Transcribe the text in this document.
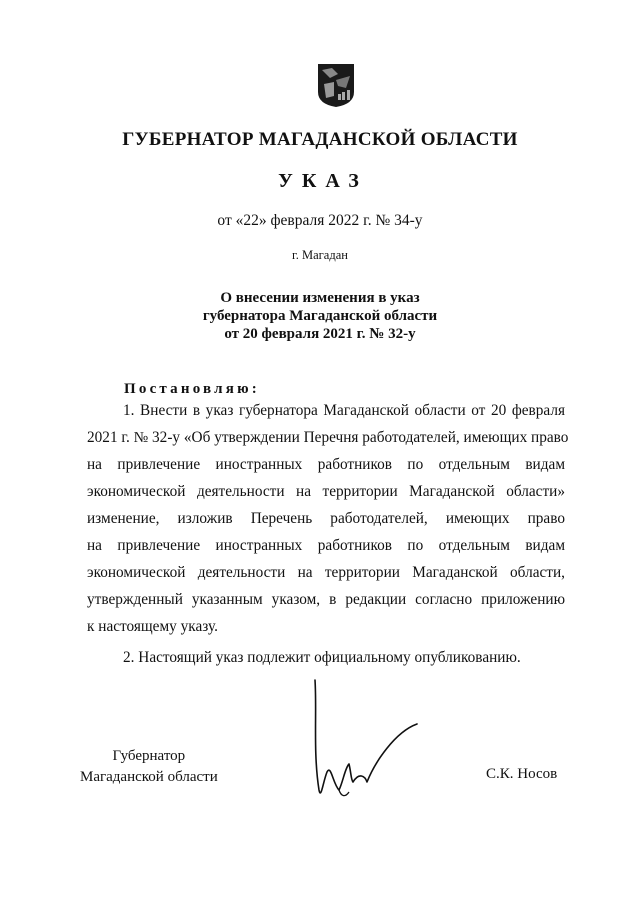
ГУБЕРНАТОР МАГАДАНСКОЙ ОБЛАСТИ
УКАЗ
от «22» февраля 2022 г. № 34-у
г. Магадан
О внесении изменения в указ
губернатора Магаданской области
от 20 февраля 2021 г. № 32-у
Постановляю:
1. Внести в указ губернатора Магаданской области от 20 февраля
2021 г. № 32-у «Об утверждении Перечня работодателей, имеющих право
на привлечение иностранных работников по отдельным видам
экономической деятельности на территории Магаданской области»
изменение, изложив Перечень работодателей, имеющих право
на привлечение иностранных работников по отдельным видам
экономической деятельности на территории Магаданской области,
утвержденный указанным указом, в редакции согласно приложению
к настоящему указу.
2. Настоящий указ подлежит официальному опубликованию.
Губернатор
Магаданской области	С.К. Носов
